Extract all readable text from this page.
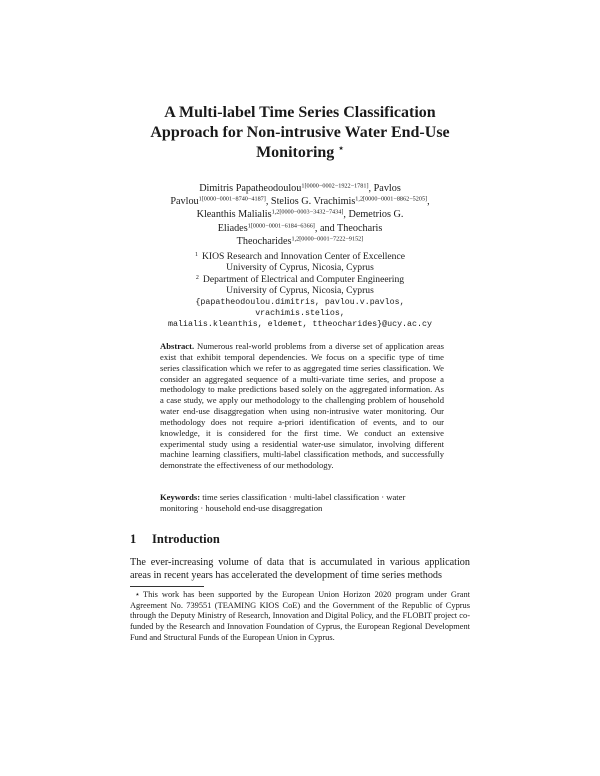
A Multi-label Time Series Classification Approach for Non-intrusive Water End-Use Monitoring ⋆
Dimitris Papatheodoulou$^{1[0000-0002-1922-1781]}$, Pavlos Pavlou$^{1[0000-0001-8740-4187]}$, Stelios G. Vrachimis$^{1,2[0000-0001-8862-5205]}$, Kleanthis Malialis$^{1,2[0000-0003-3432-7434]}$, Demetrios G. Eliades$^{1[0000-0001-6184-6366]}$, and Theocharis Theocharides$^{1,2[0000-0001-7222-9152]}$
$^1$ KIOS Research and Innovation Center of Excellence
University of Cyprus, Nicosia, Cyprus
$^2$ Department of Electrical and Computer Engineering
University of Cyprus, Nicosia, Cyprus
{papatheodoulou.dimitris, pavlou.v.pavlos, vrachimis.stelios,
malialis.kleanthis, eldemet, ttheocharides}@ucy.ac.cy
Abstract. Numerous real-world problems from a diverse set of application areas exist that exhibit temporal dependencies. We focus on a specific type of time series classification which we refer to as aggregated time series classification. We consider an aggregated sequence of a multi-variate time series, and propose a methodology to make predictions based solely on the aggregated information. As a case study, we apply our methodology to the challenging problem of household water end-use disaggregation when using non-intrusive water monitoring. Our methodology does not require a-priori identification of events, and to our knowledge, it is considered for the first time. We conduct an extensive experimental study using a residential water-use simulator, involving different machine learning classifiers, multi-label classification methods, and successfully demonstrate the effectiveness of our methodology.
Keywords: time series classification · multi-label classification · water monitoring · household end-use disaggregation
1 Introduction
The ever-increasing volume of data that is accumulated in various application areas in recent years has accelerated the development of time series methods
⋆ This work has been supported by the European Union Horizon 2020 program under Grant Agreement No. 739551 (TEAMING KIOS CoE) and the Government of the Republic of Cyprus through the Deputy Ministry of Research, Innovation and Digital Policy, and the FLOBIT project co-funded by the Research and Innovation Foundation of Cyprus, the European Regional Development Fund and Structural Funds of the European Union in Cyprus.
